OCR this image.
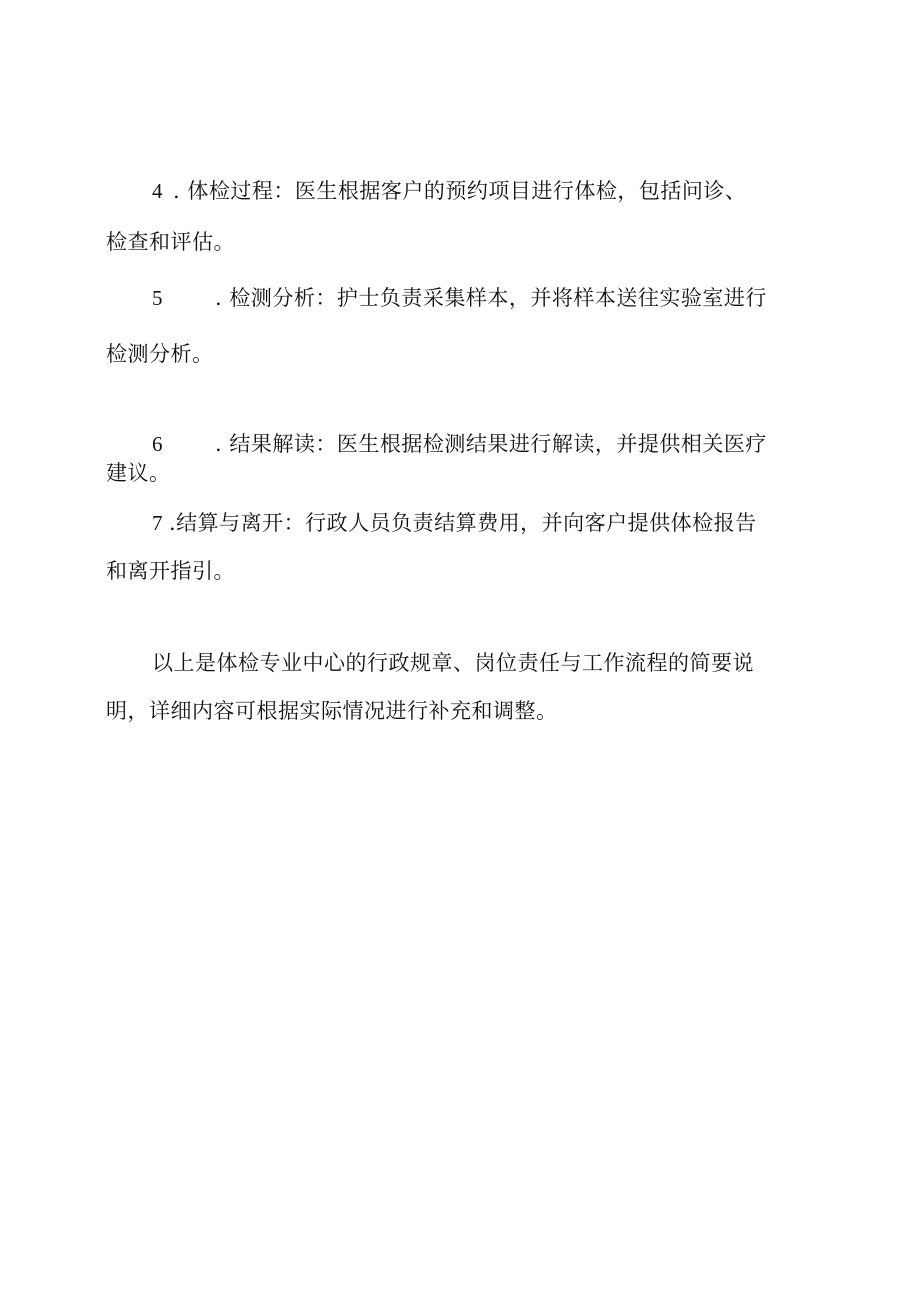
4 . 体检过程：医生根据客户的预约项目进行体检，包括问诊、
检查和评估。
5 . 检测分析：护士负责采集样本，并将样本送往实验室进行
检测分析。
6 . 结果解读：医生根据检测结果进行解读，并提供相关医疗
建议。
7 .结算与离开：行政人员负责结算费用，并向客户提供体检报告
和离开指引。
以上是体检专业中心的行政规章、岗位责任与工作流程的简要说
明，详细内容可根据实际情况进行补充和调整。
